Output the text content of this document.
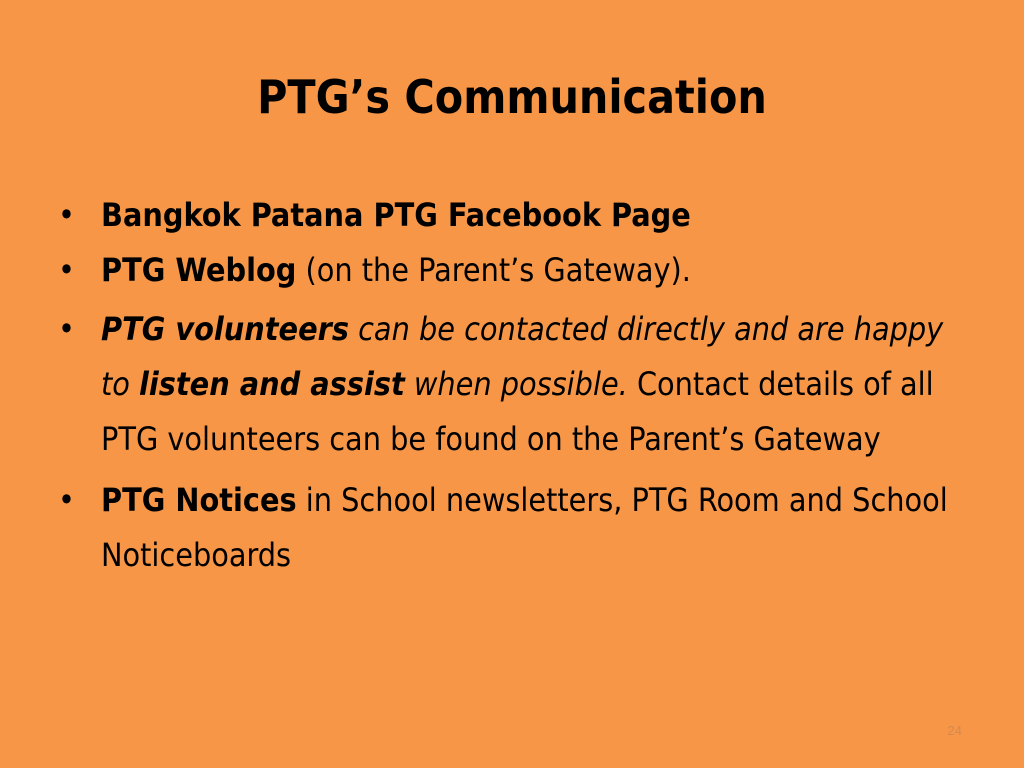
PTG’s Communication
• Bangkok Patana PTG Facebook Page
• PTG Weblog (on the Parent’s Gateway).
• PTG volunteers can be contacted directly and are happy to listen and assist when possible. Contact details of all PTG volunteers can be found on the Parent’s Gateway
• PTG Notices in School newsletters, PTG Room and School Noticeboards
24
